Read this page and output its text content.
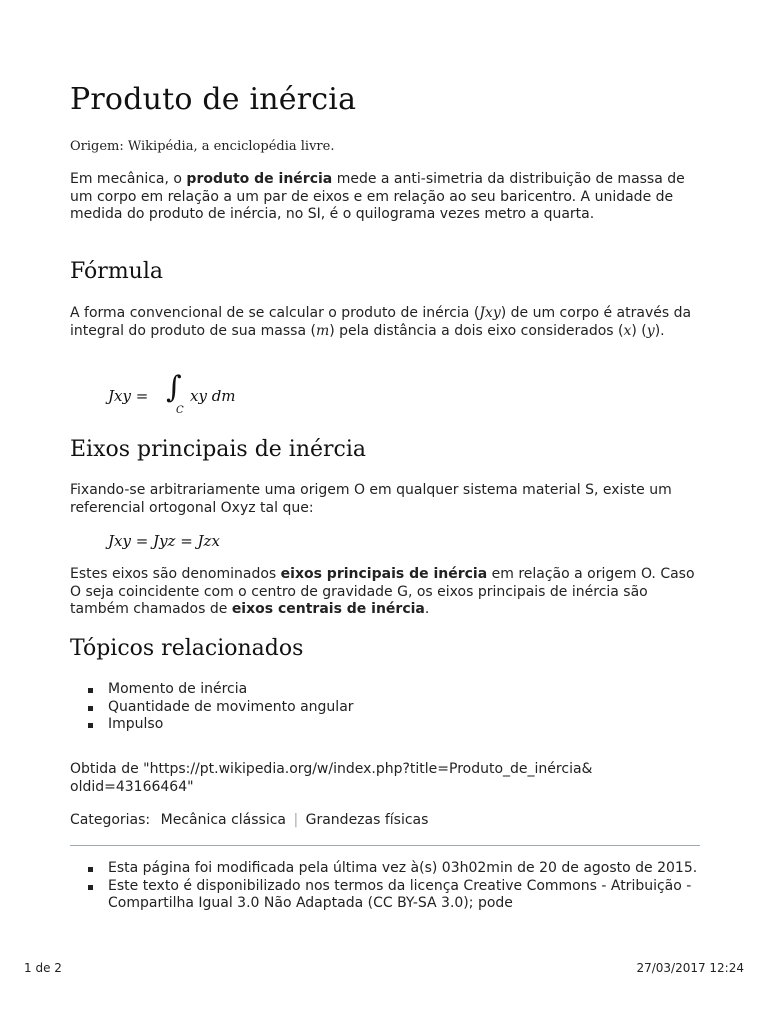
Produto de inércia
Origem: Wikipédia, a enciclopédia livre.

Em mecânica, o produto de inércia mede a anti-simetria da distribuição de massa de um corpo em relação a um par de eixos e em relação ao seu baricentro. A unidade de medida do produto de inércia, no SI, é o quilograma vezes metro a quarta.

Fórmula

A forma convencional de se calcular o produto de inércia (Jxy) de um corpo é através da integral do produto de sua massa (m) pela distância a dois eixo considerados (x) (y).

Jxy = ∫
C
xy dm
Eixos principais de inércia

Fixando-se arbitrariamente uma origem O em qualquer sistema material S, existe um referencial ortogonal Oxyz tal que:

Jxy = Jyz = Jzx

Estes eixos são denominados eixos principais de inércia em relação a origem O. Caso O seja coincidente com o centro de gravidade G, os eixos principais de inércia são também chamados de eixos centrais de inércia.

Tópicos relacionados
Momento de inércia
Quantidade de movimento angular
Impulso

Obtida de "https://pt.wikipedia.org/w/index.php?title=Produto_de_inércia& oldid=43166464"

Categorias: Mecânica clássica | Grandezas físicas
Esta página foi modificada pela última vez à(s) 03h02min de 20 de agosto de 2015.
Este texto é disponibilizado nos termos da licença Creative Commons - Atribuição - Compartilha Igual 3.0 Não Adaptada (CC BY-SA 3.0); pode
1 de 2	27/03/2017 12:24
